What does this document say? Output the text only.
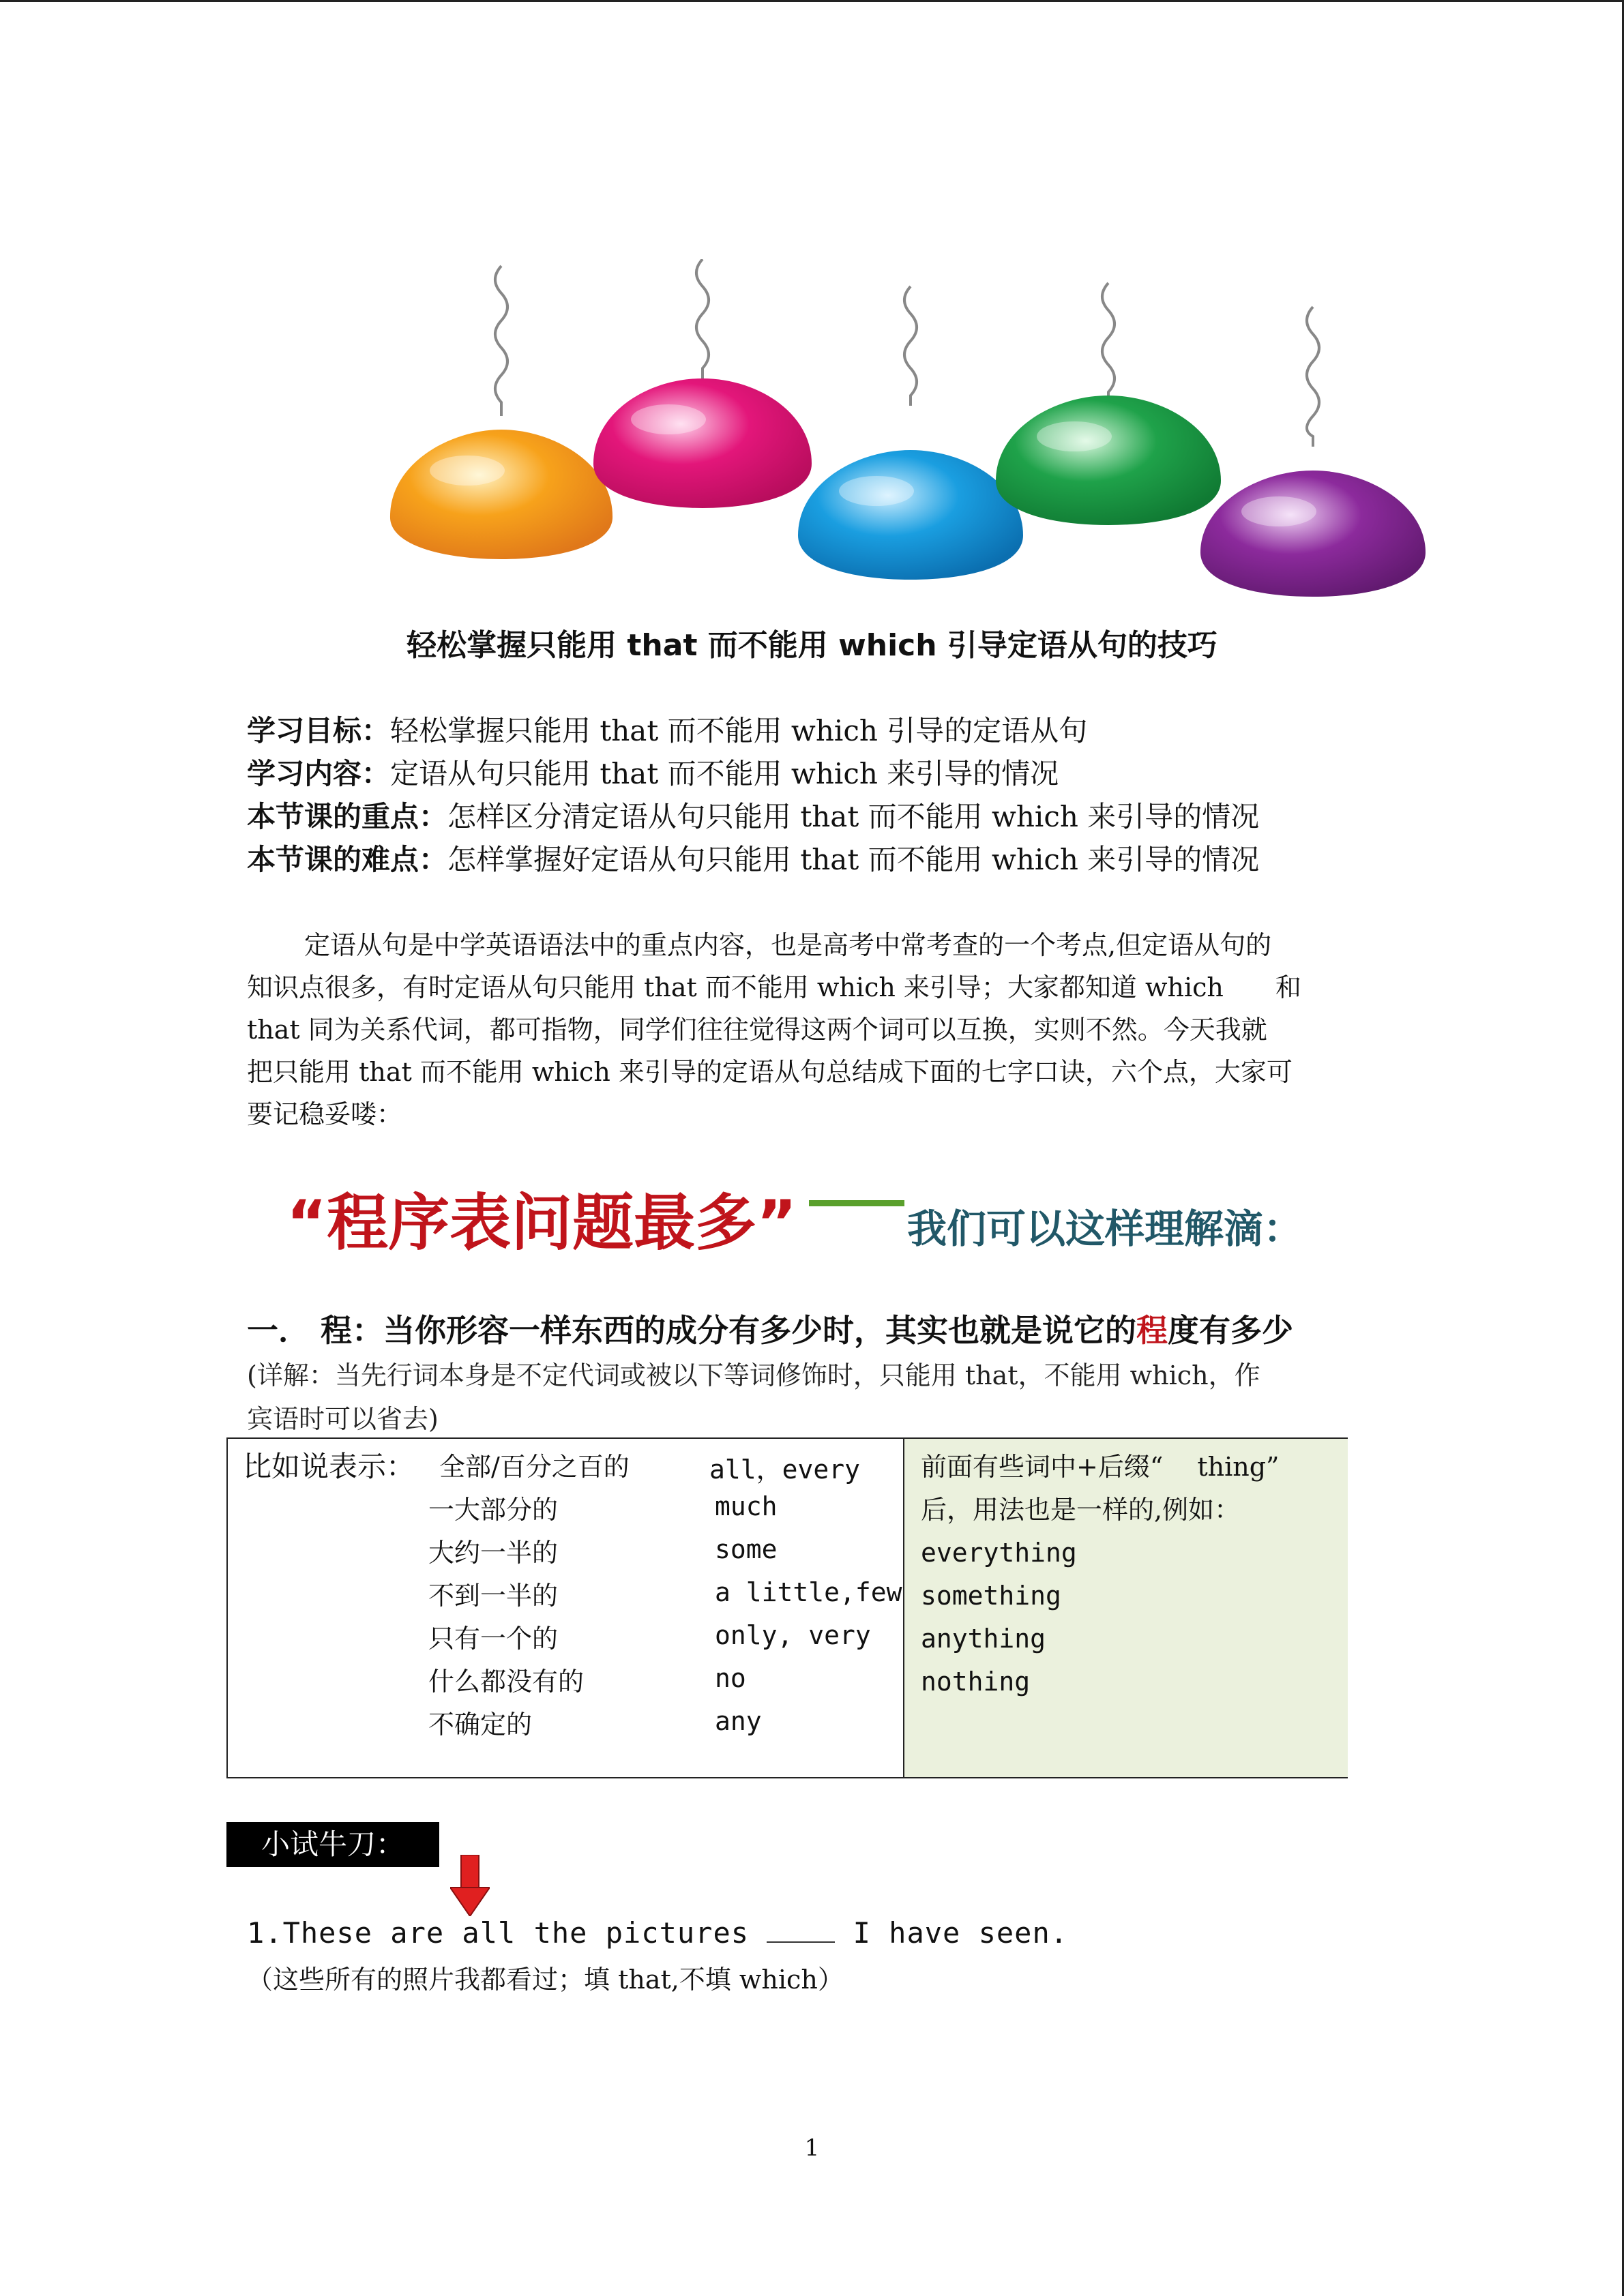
轻松掌握只能用 that 而不能用 which 引导定语从句的技巧
学习目标：轻松掌握只能用 that 而不能用 which 引导的定语从句
学习内容：定语从句只能用 that 而不能用 which 来引导的情况
本节课的重点：怎样区分清定语从句只能用 that 而不能用 which 来引导的情况
本节课的难点：怎样掌握好定语从句只能用 that 而不能用 which 来引导的情况
定语从句是中学英语语法中的重点内容，也是高考中常考查的一个考点,但定语从句的
知识点很多，有时定语从句只能用 that 而不能用 which 来引导；大家都知道 which　　和
that 同为关系代词，都可指物，同学们往往觉得这两个词可以互换，实则不然。今天我就
把只能用 that 而不能用 which 来引导的定语从句总结成下面的七字口诀，六个点，大家可
要记稳妥喽：
“程序表问题最多”	我们可以这样理解滴：
一． 程：当你形容一样东西的成分有多少时，其实也就是说它的程度有多少
(详解：当先行词本身是不定代词或被以下等词修饰时，只能用 that，不能用 which，作
宾语时可以省去)
比如说表示： 全部/百分之百的	all，every
一大部分的	much
大约一半的	some
不到一半的	a little,few
只有一个的	only, very
什么都没有的	no
不确定的	any
前面有些词中+后缀“　 thing”
后，用法也是一样的,例如：
everything
something
anything
nothing
小试牛刀：
1.These are all the pictures  I have seen.
（这些所有的照片我都看过；填 that,不填 which）
1
